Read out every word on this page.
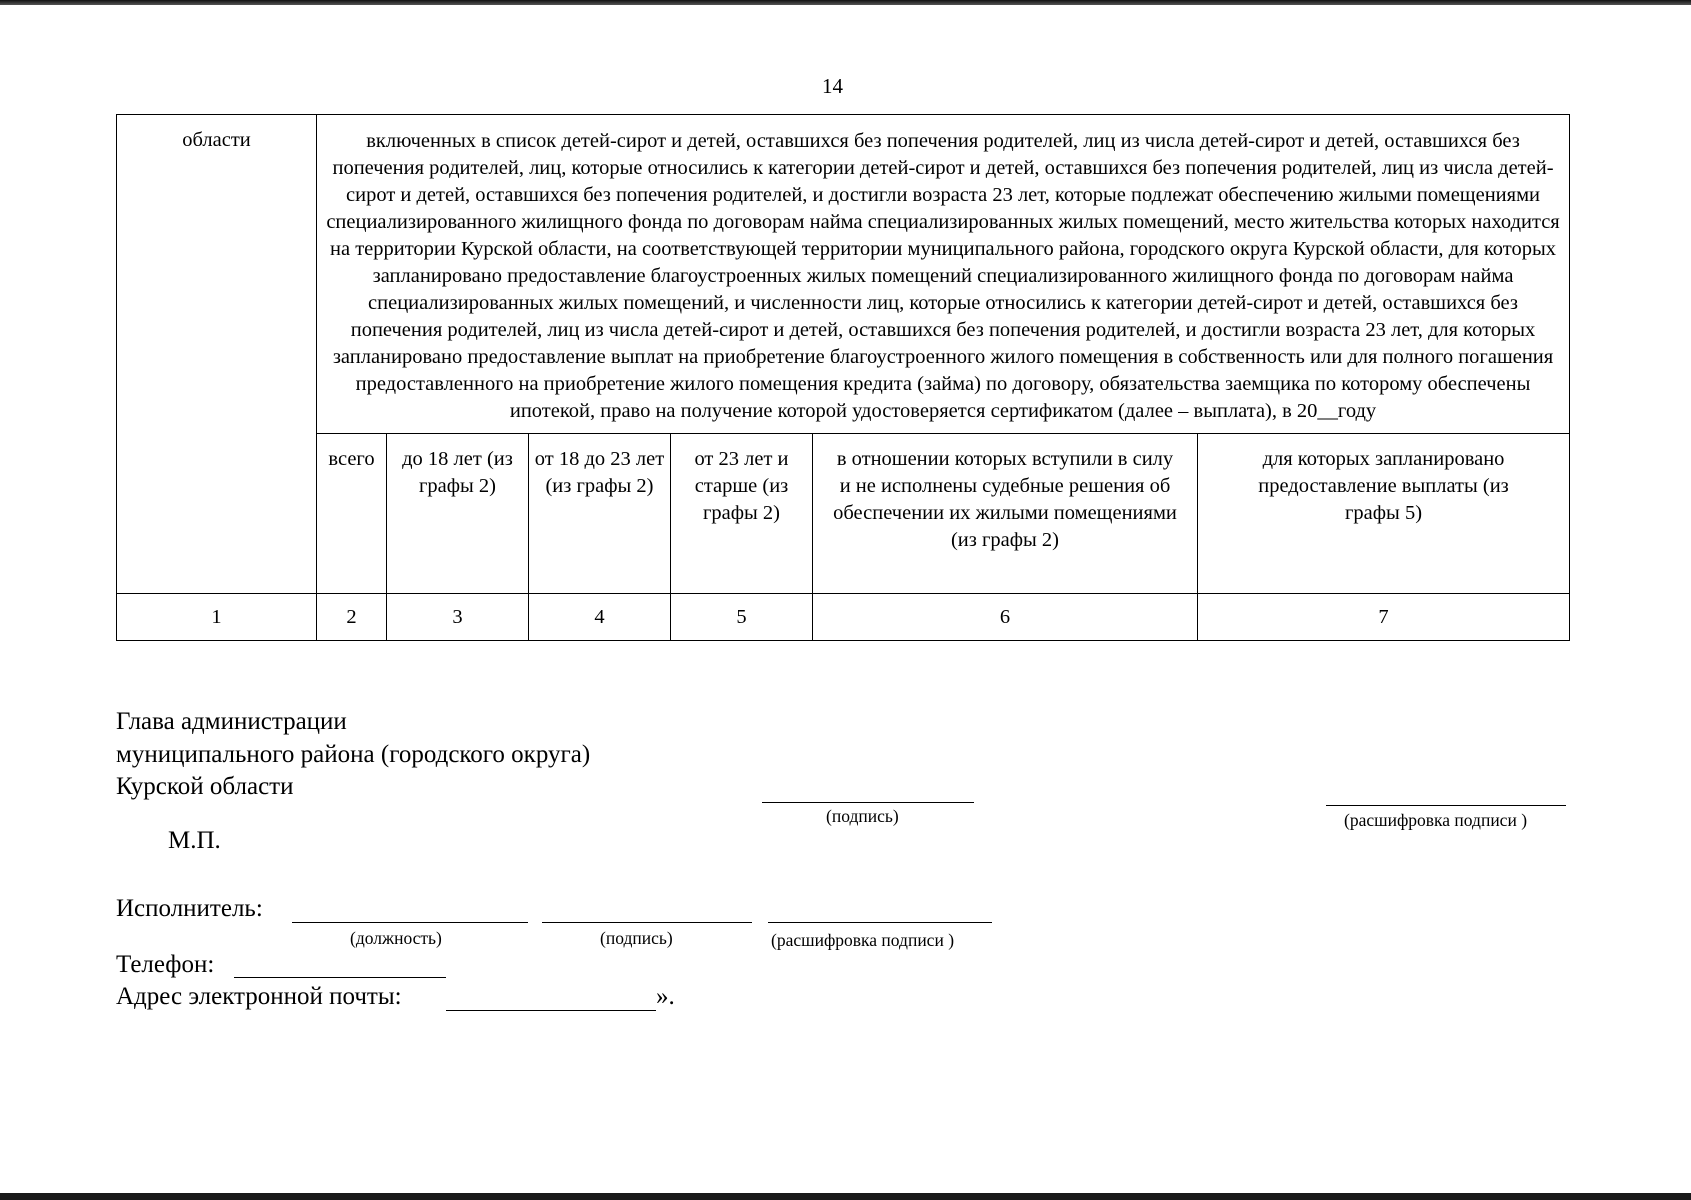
14
области	включенных в список детей-сирот и детей, оставшихся без попечения родителей, лиц из числа детей-сирот и детей, оставшихся без попечения родителей, лиц, которые относились к категории детей-сирот и детей, оставшихся без попечения родителей, лиц из числа детей-сирот и детей, оставшихся без попечения родителей, и достигли возраста 23 лет, которые подлежат обеспечению жилыми помещениями специализированного жилищного фонда по договорам найма специализированных жилых помещений, место жительства которых находится на территории Курской области, на соответствующей территории муниципального района, городского округа Курской области, для которых запланировано предоставление благоустроенных жилых помещений специализированного жилищного фонда по договорам найма специализированных жилых помещений, и численности лиц, которые относились к категории детей-сирот и детей, оставшихся без попечения родителей, лиц из числа детей-сирот и детей, оставшихся без попечения родителей, и достигли возраста 23 лет, для которых запланировано предоставление выплат на приобретение благоустроенного жилого помещения в собственность или для полного погашения предоставленного на приобретение жилого помещения кредита (займа) по договору, обязательства заемщика по которому обеспечены ипотекой, право на получение которой удостоверяется сертификатом (далее – выплата), в 20__году					
	всего	до 18 лет (из графы 2)	от 18 до 23 лет (из графы 2)	от 23 лет и старше (из графы 2)	в отношении которых вступили в силу и не исполнены судебные решения об обеспечении их жилыми помещениями (из графы 2)	для которых запланировано предоставление выплаты (из графы 5)
1	2	3	4	5	6	7
Глава администрации
муниципального района (городского округа)
Курской области
(подпись)	(расшифровка подписи )
М.П.
Исполнитель:
(должность)	(подпись)	(расшифровка подписи )
Телефон:
Адрес электронной почты:	».
